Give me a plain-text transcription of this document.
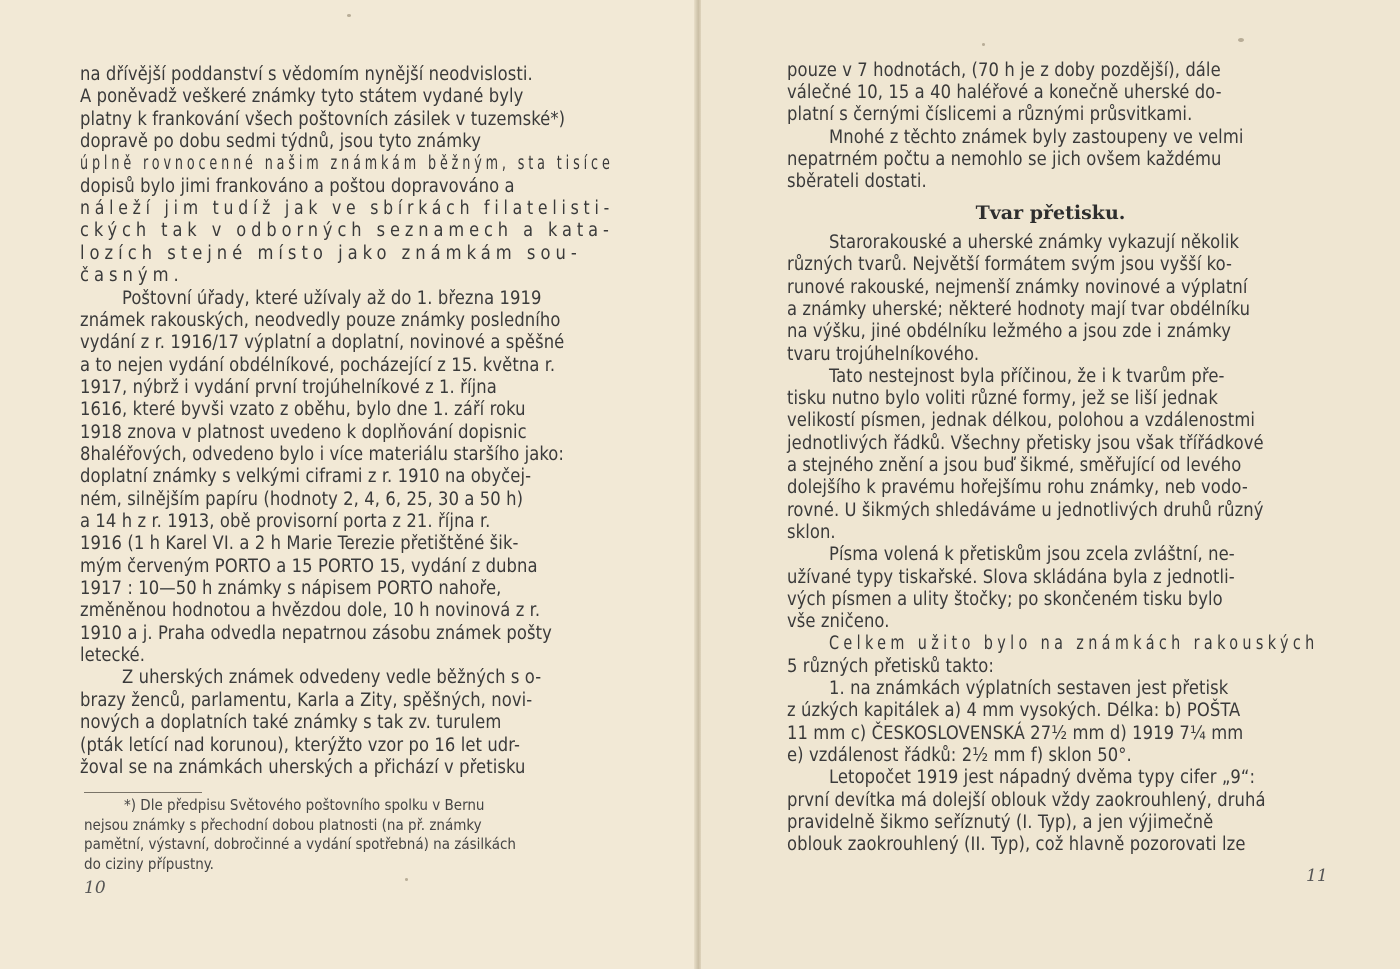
na dřívější poddanství s vědomím nynější neodvislosti.
A poněvadž veškeré známky tyto státem vydané byly
platny k frankování všech poštovních zásilek v tuzemské*)
dopravě po dobu sedmi týdnů, jsou tyto známky
úplně rovnocenné našim známkám běžným, sta tisíce
dopisů bylo jimi frankováno a poštou dopravováno a
náleží jim tudíž jak ve sbírkách filatelisti-
ckých tak v odborných seznamech a kata-
lozích stejné místo jako známkám sou-
časným.
Poštovní úřady, které užívaly až do 1. března 1919
známek rakouských, neodvedly pouze známky posledního
vydání z r. 1916/17 výplatní a doplatní, novinové a spěšné
a to nejen vydání obdélníkové, pocházející z 15. května r.
1917, nýbrž i vydání první trojúhelníkové z 1. října
1616, které byvši vzato z oběhu, bylo dne 1. září roku
1918 znova v platnost uvedeno k doplňování dopisnic
8haléřových, odvedeno bylo i více materiálu staršího jako:
doplatní známky s velkými ciframi z r. 1910 na obyčej-
ném, silnějším papíru (hodnoty 2, 4, 6, 25, 30 a 50 h)
a 14 h z r. 1913, obě provisorní porta z 21. října r.
1916 (1 h Karel VI. a 2 h Marie Terezie přetištěné šik-
mým červeným PORTO a 15 PORTO 15, vydání z dubna
1917 : 10—50 h známky s nápisem PORTO nahoře,
změněnou hodnotou a hvězdou dole, 10 h novinová z r.
1910 a j. Praha odvedla nepatrnou zásobu známek pošty
letecké.
Z uherských známek odvedeny vedle běžných s o-
brazy ženců, parlamentu, Karla a Zity, spěšných, novi-
nových a doplatních také známky s tak zv. turulem
(pták letící nad korunou), kterýžto vzor po 16 let udr-
žoval se na známkách uherských a přichází v přetisku
*) Dle předpisu Světového poštovního spolku v Bernu
nejsou známky s přechodní dobou platnosti (na př. známky
pamětní, výstavní, dobročinné a vydání spotřebná) na zásilkách
do ciziny přípustny.
10
pouze v 7 hodnotách, (70 h je z doby pozdější), dále
válečné 10, 15 a 40 haléřové a konečně uherské do-
platní s černými číslicemi a různými průsvitkami.
Mnohé z těchto známek byly zastoupeny ve velmi
nepatrném počtu a nemohlo se jich ovšem každému
sběrateli dostati.
Tvar přetisku.
Starorakouské a uherské známky vykazují několik
různých tvarů. Největší formátem svým jsou vyšší ko-
runové rakouské, nejmenší známky novinové a výplatní
a známky uherské; některé hodnoty mají tvar obdélníku
na výšku, jiné obdélníku ležmého a jsou zde i známky
tvaru trojúhelníkového.
Tato nestejnost byla příčinou, že i k tvarům pře-
tisku nutno bylo voliti různé formy, jež se liší jednak
velikostí písmen, jednak délkou, polohou a vzdálenostmi
jednotlivých řádků. Všechny přetisky jsou však třířádkové
a stejného znění a jsou buď šikmé, směřující od levého
dolejšího k pravému hořejšímu rohu známky, neb vodo-
rovné. U šikmých shledáváme u jednotlivých druhů různý
sklon.
Písma volená k přetiskům jsou zcela zvláštní, ne-
užívané typy tiskařské. Slova skládána byla z jednotli-
vých písmen a ulity štočky; po skončeném tisku bylo
vše zničeno.
Celkem užito bylo na známkách rakouských
5 různých přetisků takto:
1. na známkách výplatních sestaven jest přetisk
z úzkých kapitálek a) 4 mm vysokých. Délka: b) POŠTA
11 mm c) ČESKOSLOVENSKÁ 27½ mm d) 1919 7¼ mm
e) vzdálenost řádků: 2½ mm f) sklon 50°.
Letopočet 1919 jest nápadný dvěma typy cifer „9“:
první devítka má dolejší oblouk vždy zaokrouhlený, druhá
pravidelně šikmo seříznutý (I. Typ), a jen výjimečně
oblouk zaokrouhlený (II. Typ), což hlavně pozorovati lze
11
